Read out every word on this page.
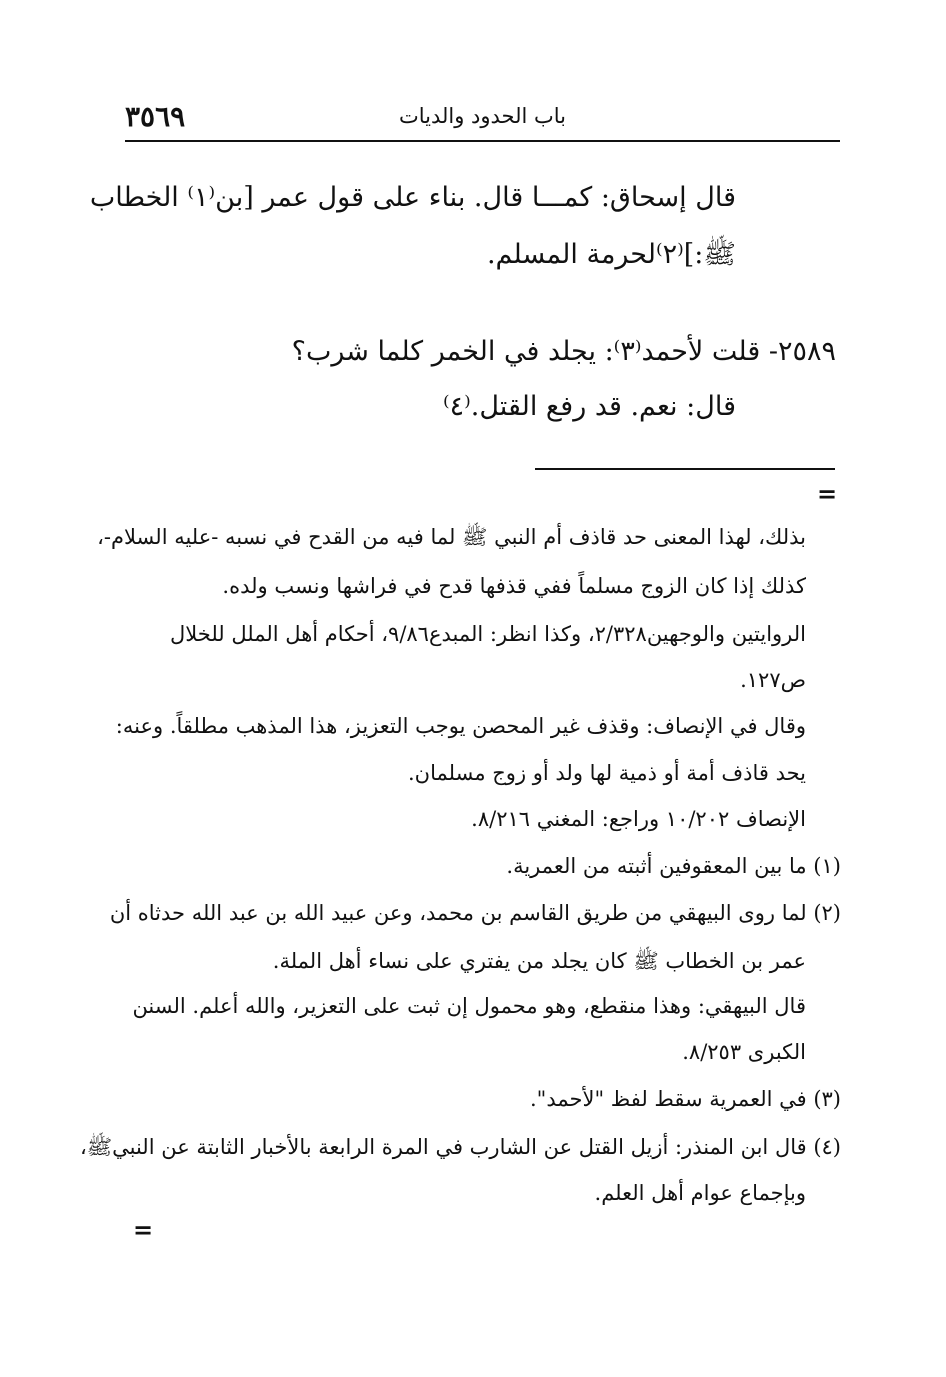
٣٥٦٩	باب الحدود والديات
قال إسحاق: كمـــا قال. بناء على قول عمر [بن⁽١⁾ الخطاب
ﷺ:]⁽٢⁾لحرمة المسلم.
٢٥٨٩- قلت لأحمد⁽٣⁾: يجلد في الخمر كلما شرب؟
قال: نعم. قد رفع القتل.⁽٤⁾
=
بذلك، لهذا المعنى حد قاذف أم النبي ﷺ لما فيه من القدح في نسبه -عليه السلام-،
كذلك إذا كان الزوج مسلماً ففي قذفها قدح في فراشها ونسب ولده.
الروايتين والوجهين٢/٣٢٨، وكذا انظر: المبدع٩/٨٦، أحكام أهل الملل للخلال
ص١٢٧.
وقال في الإنصاف: وقذف غير المحصن يوجب التعزيز، هذا المذهب مطلقاً. وعنه:
يحد قاذف أمة أو ذمية لها ولد أو زوج مسلمان.
الإنصاف ١٠/٢٠٢ وراجع: المغني ٨/٢١٦.
(١) ما بين المعقوفين أثبته من العمرية.
(٢) لما روى البيهقي من طريق القاسم بن محمد، وعن عبيد الله بن عبد الله حدثاه أن
عمر بن الخطاب ﷺ كان يجلد من يفتري على نساء أهل الملة.
قال البيهقي: وهذا منقطع، وهو محمول إن ثبت على التعزير، والله أعلم. السنن
الكبرى ٨/٢٥٣.
(٣) في العمرية سقط لفظ "لأحمد".
(٤) قال ابن المنذر: أزيل القتل عن الشارب في المرة الرابعة بالأخبار الثابتة عن النبيﷺ،
وبإجماع عوام أهل العلم.
=
